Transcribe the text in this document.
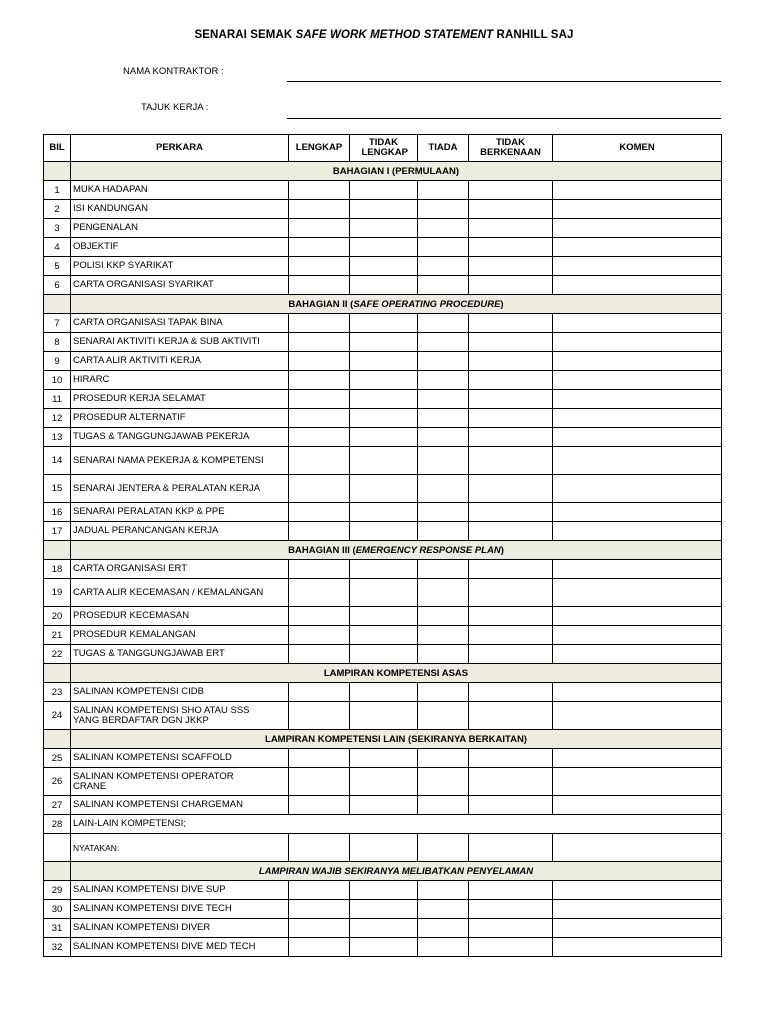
SENARAI SEMAK SAFE WORK METHOD STATEMENT RANHILL SAJ
NAMA KONTRAKTOR :
TAJUK KERJA :
BIL	PERKARA	LENGKAP	TIDAK LENGKAP	TIADA	TIDAK BERKENAAN	KOMEN
	BAHAGIAN I (PERMULAAN)					
1	MUKA HADAPAN					
2	ISI KANDUNGAN					
3	PENGENALAN					
4	OBJEKTIF					
5	POLISI KKP SYARIKAT					
6	CARTA ORGANISASI SYARIKAT					
	BAHAGIAN II (SAFE OPERATING PROCEDURE)					
7	CARTA ORGANISASI TAPAK BINA					
8	SENARAI AKTIVITI KERJA & SUB AKTIVITI					
9	CARTA ALIR AKTIVITI KERJA					
10	HIRARC					
11	PROSEDUR KERJA SELAMAT					
12	PROSEDUR ALTERNATIF					
13	TUGAS & TANGGUNGJAWAB PEKERJA					
14	SENARAI NAMA PEKERJA & KOMPETENSI					
15	SENARAI JENTERA & PERALATAN KERJA					
16	SENARAI PERALATAN KKP & PPE					
17	JADUAL PERANCANGAN KERJA					
	BAHAGIAN III (EMERGENCY RESPONSE PLAN)					
18	CARTA ORGANISASI ERT					
19	CARTA ALIR KECEMASAN / KEMALANGAN					
20	PROSEDUR KECEMASAN					
21	PROSEDUR KEMALANGAN					
22	TUGAS & TANGGUNGJAWAB ERT					
	LAMPIRAN KOMPETENSI ASAS					
23	SALINAN KOMPETENSI CIDB					
24	SALINAN KOMPETENSI SHO ATAU SSS
YANG BERDAFTAR DGN JKKP					

	LAMPIRAN KOMPETENSI LAIN (SEKIRANYA BERKAITAN)					
25	SALINAN KOMPETENSI SCAFFOLD					
26	SALINAN KOMPETENSI OPERATOR
CRANE					

27	SALINAN KOMPETENSI CHARGEMAN					
28	LAIN-LAIN KOMPETENSI;					
	NYATAKAN:					
	LAMPIRAN WAJIB SEKIRANYA MELIBATKAN PENYELAMAN					
29	SALINAN KOMPETENSI DIVE SUP					
30	SALINAN KOMPETENSI DIVE TECH					
31	SALINAN KOMPETENSI DIVER					
32	SALINAN KOMPETENSI DIVE MED TECH					
